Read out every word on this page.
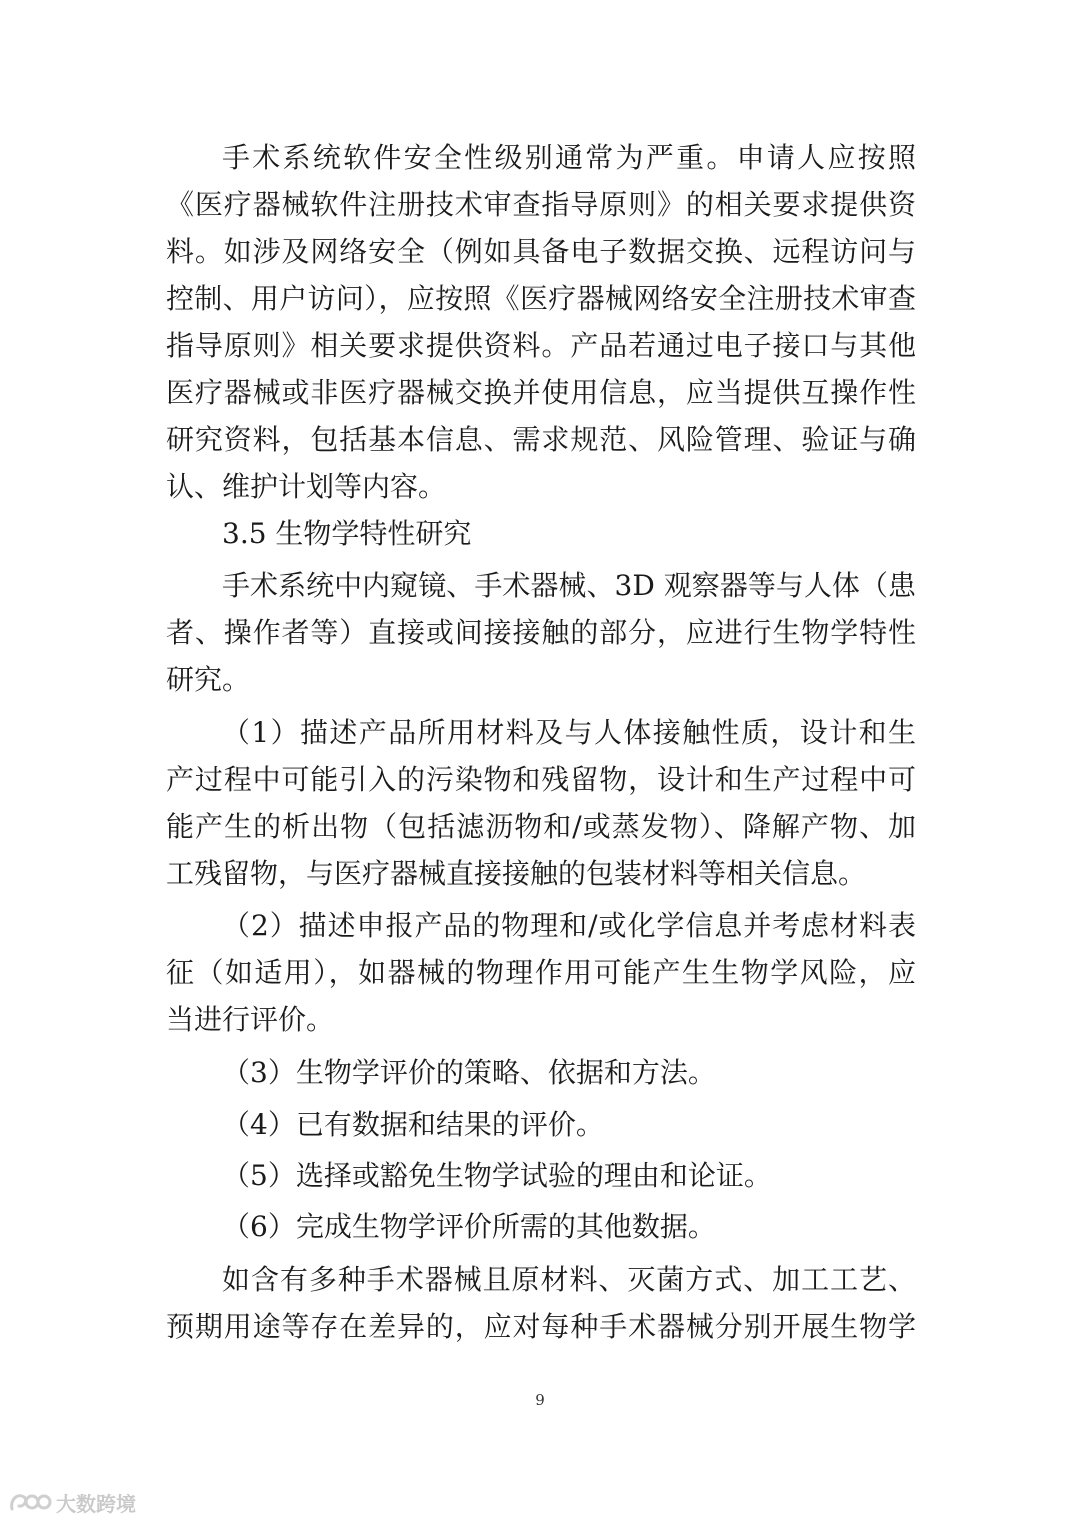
手术系统软件安全性级别通常为严重。申请人应按照
《医疗器械软件注册技术审查指导原则》的相关要求提供资
料。如涉及网络安全（例如具备电子数据交换、远程访问与
控制、用户访问），应按照《医疗器械网络安全注册技术审查
指导原则》相关要求提供资料。产品若通过电子接口与其他
医疗器械或非医疗器械交换并使用信息，应当提供互操作性
研究资料，包括基本信息、需求规范、风险管理、验证与确
认、维护计划等内容。
3.5 生物学特性研究
手术系统中内窥镜、手术器械、3D 观察器等与人体（患
者、操作者等）直接或间接接触的部分，应进行生物学特性
研究。
（1）描述产品所用材料及与人体接触性质，设计和生
产过程中可能引入的污染物和残留物，设计和生产过程中可
能产生的析出物（包括滤沥物和/或蒸发物）、降解产物、加
工残留物，与医疗器械直接接触的包装材料等相关信息。
（2）描述申报产品的物理和/或化学信息并考虑材料表
征（如适用），如器械的物理作用可能产生生物学风险，应
当进行评价。
（3）生物学评价的策略、依据和方法。
（4）已有数据和结果的评价。
（5）选择或豁免生物学试验的理由和论证。
（6）完成生物学评价所需的其他数据。
如含有多种手术器械且原材料、灭菌方式、加工工艺、
预期用途等存在差异的，应对每种手术器械分别开展生物学
9
大数跨境
